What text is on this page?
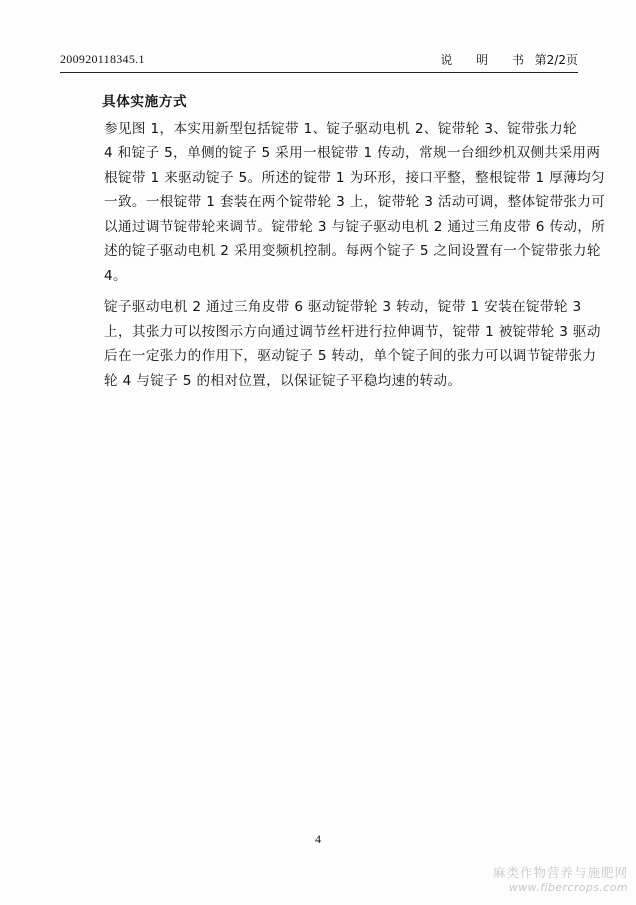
200920118345.1	说 明 书 第2/2页
具体实施方式

参见图 1，本实用新型包括锭带 1、锭子驱动电机 2、锭带轮 3、锭带张力轮
4 和锭子 5，单侧的锭子 5 采用一根锭带 1 传动，常规一台细纱机双侧共采用两
根锭带 1 来驱动锭子 5。所述的锭带 1 为环形，接口平整，整根锭带 1 厚薄均匀
一致。一根锭带 1 套装在两个锭带轮 3 上，锭带轮 3 活动可调，整体锭带张力可
以通过调节锭带轮来调节。锭带轮 3 与锭子驱动电机 2 通过三角皮带 6 传动，所
述的锭子驱动电机 2 采用变频机控制。每两个锭子 5 之间设置有一个锭带张力轮
4。

锭子驱动电机 2 通过三角皮带 6 驱动锭带轮 3 转动，锭带 1 安装在锭带轮 3
上，其张力可以按图示方向通过调节丝杆进行拉伸调节，锭带 1 被锭带轮 3 驱动
后在一定张力的作用下，驱动锭子 5 转动，单个锭子间的张力可以调节锭带张力
轮 4 与锭子 5 的相对位置，以保证锭子平稳均速的转动。

4
麻类作物营养与施肥网
www.fibercrops.com
